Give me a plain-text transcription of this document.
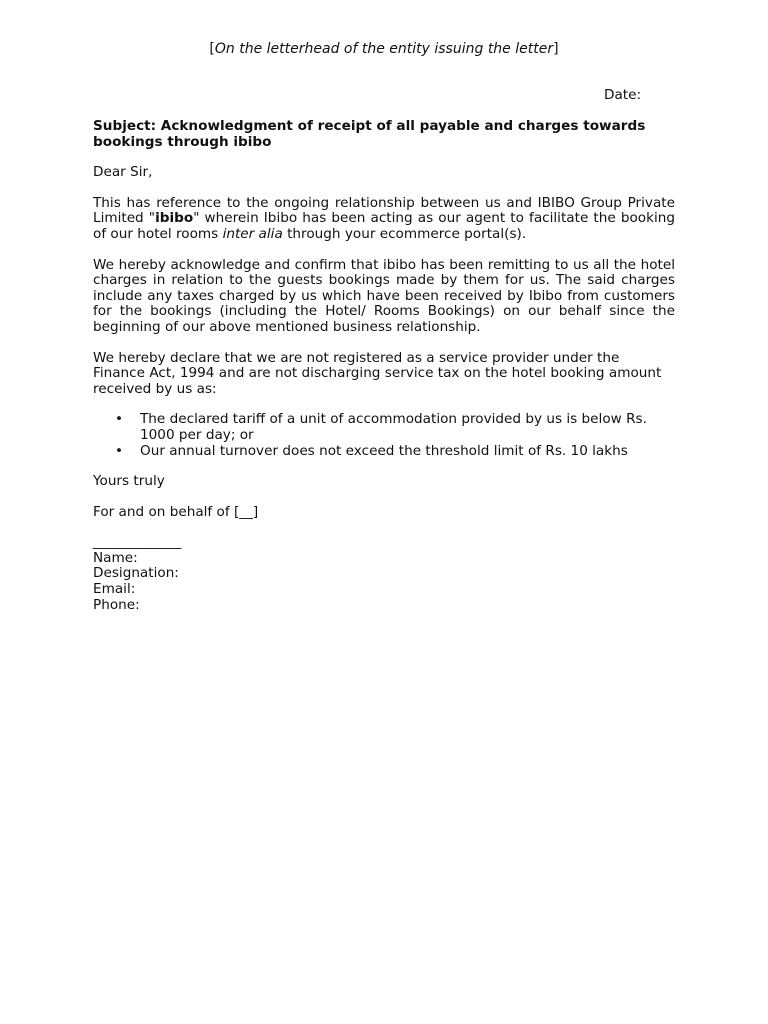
[On the letterhead of the entity issuing the letter]
Date:
Subject: Acknowledgment of receipt of all payable and charges towards bookings through ibibo
Dear Sir,
This has reference to the ongoing relationship between us and IBIBO Group Private Limited "ibibo" wherein Ibibo has been acting as our agent to facilitate the booking of our hotel rooms inter alia through your ecommerce portal(s).
We hereby acknowledge and confirm that ibibo has been remitting to us all the hotel charges in relation to the guests bookings made by them for us. The said charges include any taxes charged by us which have been received by Ibibo from customers for the bookings (including the Hotel/ Rooms Bookings) on our behalf since the beginning of our above mentioned business relationship.
We hereby declare that we are not registered as a service provider under the Finance Act, 1994 and are not discharging service tax on the hotel booking amount received by us as:
• The declared tariff of a unit of accommodation provided by us is below Rs. 1000 per day; or
• Our annual turnover does not exceed the threshold limit of Rs. 10 lakhs
Yours truly
For and on behalf of [__]
_____________
Name:
Designation:
Email:
Phone:
